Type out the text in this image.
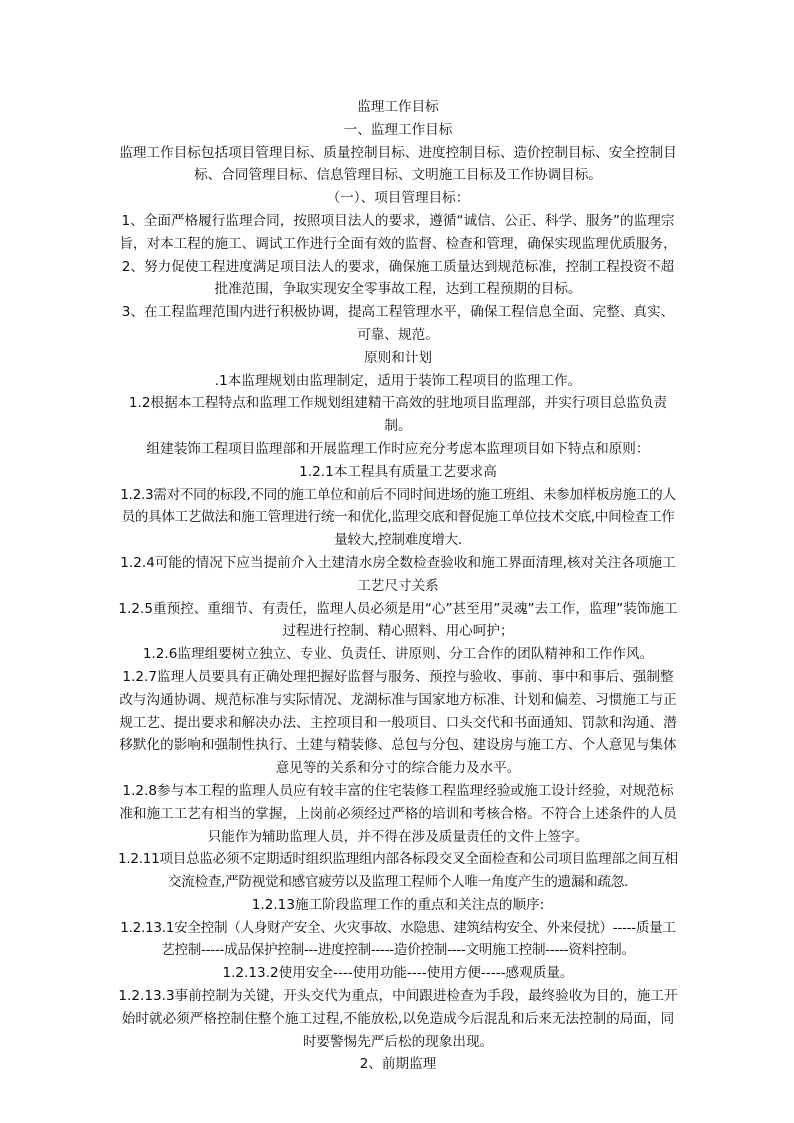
监理工作目标

一、监理工作目标

监理工作目标包括项目管理目标、质量控制目标、进度控制目标、造价控制目标、安全控制目标、合同管理目标、信息管理目标、文明施工目标及工作协调目标。

（一）、项目管理目标：

1、全面严格履行监理合同，按照项目法人的要求，遵循“诚信、公正、科学、服务”的监理宗旨，对本工程的施工、调试工作进行全面有效的监督、检查和管理，确保实现监理优质服务，

2、努力促使工程进度满足项目法人的要求，确保施工质量达到规范标准，控制工程投资不超批准范围，争取实现安全零事故工程，达到工程预期的目标。

3、在工程监理范围内进行积极协调，提高工程管理水平，确保工程信息全面、完整、真实、可靠、规范。

原则和计划

.1本监理规划由监理制定，适用于装饰工程项目的监理工作。

1.2根据本工程特点和监理工作规划组建精干高效的驻地项目监理部，并实行项目总监负责制。

组建装饰工程项目监理部和开展监理工作时应充分考虑本监理项目如下特点和原则：

1.2.1本工程具有质量工艺要求高

1.2.3需对不同的标段,不同的施工单位和前后不同时间进场的施工班组、未参加样板房施工的人员的具体工艺做法和施工管理进行统一和优化,监理交底和督促施工单位技术交底,中间检查工作量较大,控制难度增大.

1.2.4可能的情况下应当提前介入土建清水房全数检查验收和施工界面清理,核对关注各项施工工艺尺寸关系

1.2.5重预控、重细节、有责任，监理人员必须是用“心”甚至用”灵魂”去工作，监理”装饰施工过程进行控制、精心照料、用心呵护；

1.2.6监理组要树立独立、专业、负责任、讲原则、分工合作的团队精神和工作作风。

1.2.7监理人员要具有正确处理把握好监督与服务、预控与验收、事前、事中和事后、强制整改与沟通协调、规范标准与实际情况、龙湖标准与国家地方标准、计划和偏差、习惯施工与正规工艺、提出要求和解决办法、主控项目和一般项目、口头交代和书面通知、罚款和沟通、潜移默化的影响和强制性执行、土建与精装修、总包与分包、建设房与施工方、个人意见与集体意见等的关系和分寸的综合能力及水平。

1.2.8参与本工程的监理人员应有较丰富的住宅装修工程监理经验或施工设计经验，对规范标准和施工工艺有相当的掌握，上岗前必须经过严格的培训和考核合格。不符合上述条件的人员只能作为辅助监理人员，并不得在涉及质量责任的文件上签字。

1.2.11项目总监必须不定期适时组织监理组内部各标段交叉全面检查和公司项目监理部之间互相交流检查,严防视觉和感官疲劳以及监理工程师个人唯一角度产生的遗漏和疏忽.

1.2.13施工阶段监理工作的重点和关注点的顺序:

1.2.13.1安全控制（人身财产安全、火灾事故、水隐患、建筑结构安全、外来侵扰）-----质量工艺控制-----成品保护控制---进度控制-----造价控制----文明施工控制-----资料控制。

1.2.13.2使用安全----使用功能----使用方便-----感观质量。

1.2.13.3事前控制为关键，开头交代为重点，中间跟进检查为手段，最终验收为目的，施工开始时就必须严格控制住整个施工过程,不能放松,以免造成今后混乱和后来无法控制的局面，同时要警惕先严后松的现象出现。

2、前期监理
